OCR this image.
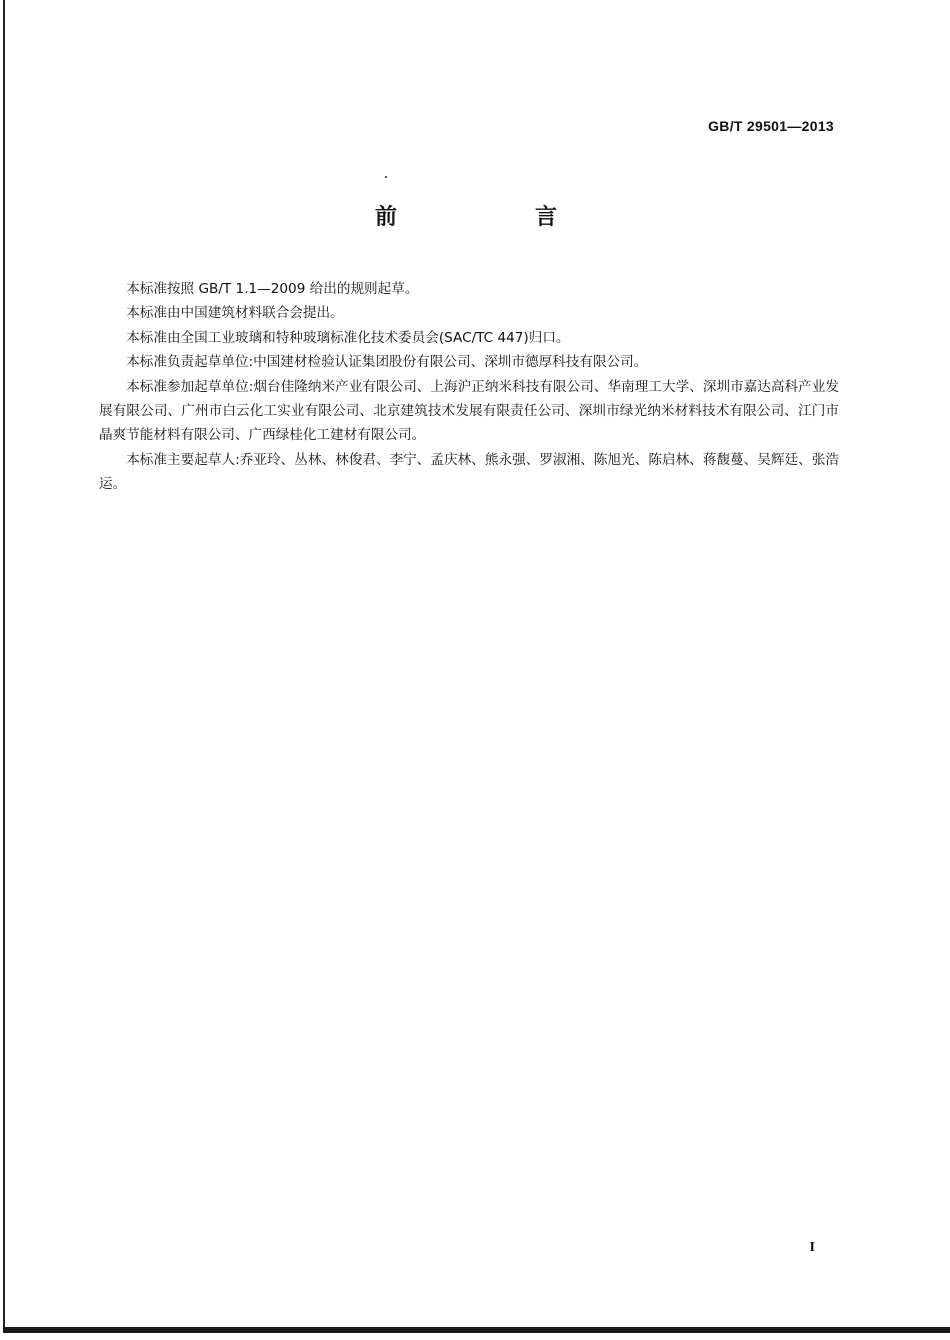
GB/T 29501—2013
前　言

本标准按照 GB/T 1.1—2009 给出的规则起草。

本标准由中国建筑材料联合会提出。

本标准由全国工业玻璃和特种玻璃标准化技术委员会(SAC/TC 447)归口。

本标准负责起草单位:中国建材检验认证集团股份有限公司、深圳市德厚科技有限公司。

本标准参加起草单位:烟台佳隆纳米产业有限公司、上海沪正纳米科技有限公司、华南理工大学、深圳市嘉达高科产业发展有限公司、广州市白云化工实业有限公司、北京建筑技术发展有限责任公司、深圳市绿光纳米材料技术有限公司、江门市晶爽节能材料有限公司、广西绿桂化工建材有限公司。

本标准主要起草人:乔亚玲、丛林、林俊君、李宁、孟庆林、熊永强、罗淑湘、陈旭光、陈启林、蒋馥蔓、吴辉廷、张浩运。

I
